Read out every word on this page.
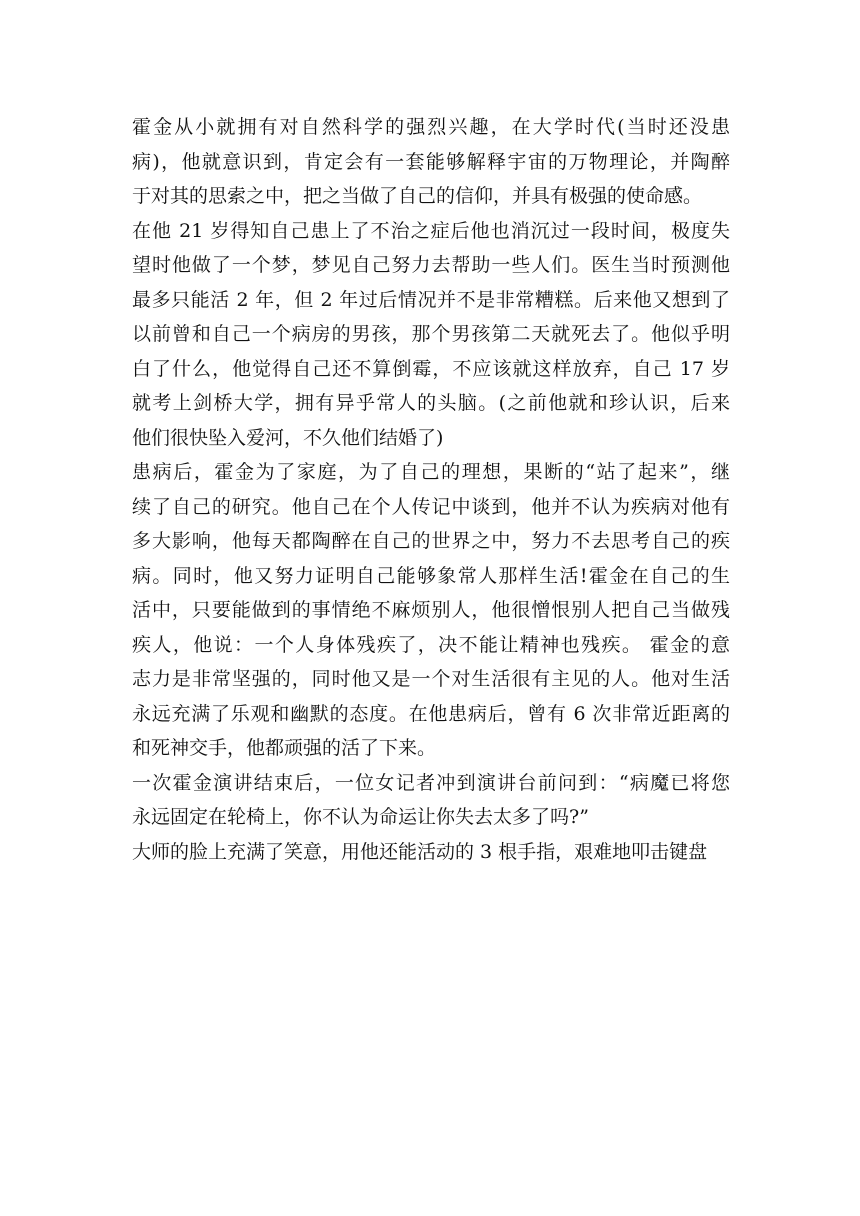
霍金从小就拥有对自然科学的强烈兴趣，在大学时代(当时还没患
病)，他就意识到，肯定会有一套能够解释宇宙的万物理论，并陶醉
于对其的思索之中，把之当做了自己的信仰，并具有极强的使命感。
在他 21 岁得知自己患上了不治之症后他也消沉过一段时间，极度失
望时他做了一个梦，梦见自己努力去帮助一些人们。医生当时预测他
最多只能活 2 年，但 2 年过后情况并不是非常糟糕。后来他又想到了
以前曾和自己一个病房的男孩，那个男孩第二天就死去了。他似乎明
白了什么，他觉得自己还不算倒霉，不应该就这样放弃，自己 17 岁
就考上剑桥大学，拥有异乎常人的头脑。(之前他就和珍认识，后来
他们很快坠入爱河，不久他们结婚了)
患病后，霍金为了家庭，为了自己的理想，果断的“站了起来”，继
续了自己的研究。他自己在个人传记中谈到，他并不认为疾病对他有
多大影响，他每天都陶醉在自己的世界之中，努力不去思考自己的疾
病。同时，他又努力证明自己能够象常人那样生活!霍金在自己的生
活中，只要能做到的事情绝不麻烦别人，他很憎恨别人把自己当做残
疾人，他说：一个人身体残疾了，决不能让精神也残疾。 霍金的意
志力是非常坚强的，同时他又是一个对生活很有主见的人。他对生活
永远充满了乐观和幽默的态度。在他患病后，曾有 6 次非常近距离的
和死神交手，他都顽强的活了下来。
一次霍金演讲结束后，一位女记者冲到演讲台前问到：“病魔已将您
永远固定在轮椅上，你不认为命运让你失去太多了吗?”
大师的脸上充满了笑意，用他还能活动的 3 根手指，艰难地叩击键盘
